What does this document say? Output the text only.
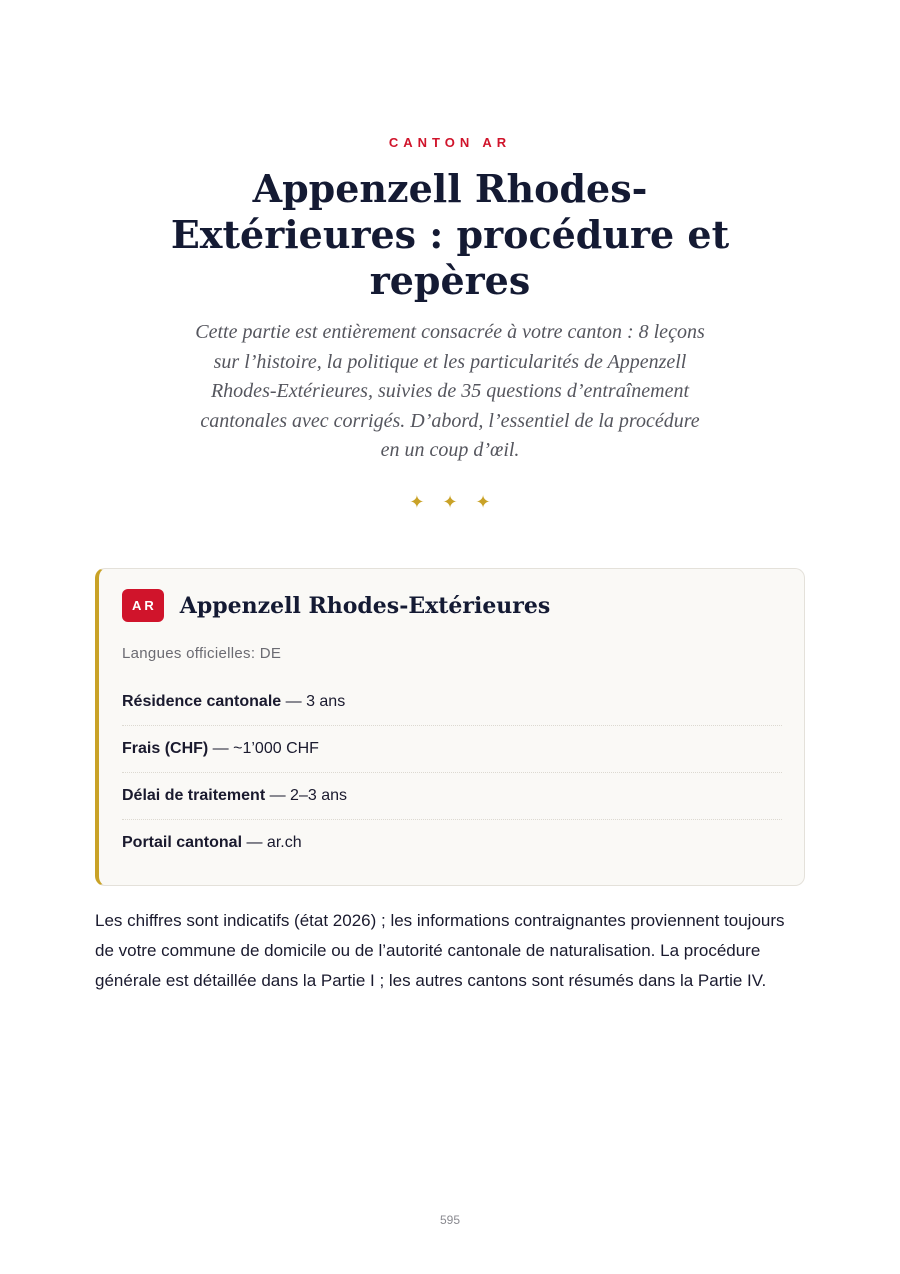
CANTON AR
Appenzell Rhodes-Extérieures : procédure et repères

Cette partie est entièrement consacrée à votre canton : 8 leçons sur l’histoire, la politique et les particularités de Appenzell Rhodes-Extérieures, suivies de 35 questions d’entraînement cantonales avec corrigés. D’abord, l’essentiel de la procédure en un coup d’œil.

✦✦✦
AR	Appenzell Rhodes-Extérieures
Langues officielles: DE
Résidence cantonale — 3 ans
Frais (CHF) — ~1’000 CHF
Délai de traitement — 2–3 ans
Portail cantonal — ar.ch

Les chiffres sont indicatifs (état 2026) ; les informations contraignantes proviennent toujours de votre commune de domicile ou de l’autorité cantonale de naturalisation. La procédure générale est détaillée dans la Partie I ; les autres cantons sont résumés dans la Partie IV.

595
